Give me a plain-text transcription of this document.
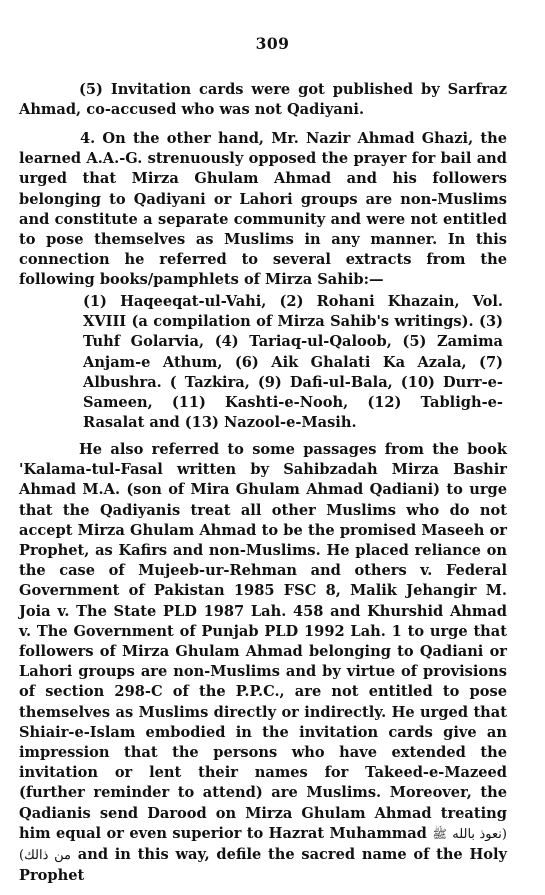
309

(5) Invitation cards were got published by Sarfraz Ahmad, co-accused who was not Qadiyani.

4. On the other hand, Mr. Nazir Ahmad Ghazi, the learned A.A.-G. strenuously opposed the prayer for bail and urged that Mirza Ghulam Ahmad and his followers belonging to Qadiyani or Lahori groups are non-Muslims and constitute a separate community and were not entitled to pose themselves as Muslims in any manner. In this connection he referred to several extracts from the following books/pamphlets of Mirza Sahib:—

(1) Haqeeqat-ul-Vahi, (2) Rohani Khazain, Vol. XVIII (a compilation of Mirza Sahib's writings). (3) Tuhf Golarvia, (4) Tariaq-ul-Qaloob, (5) Zamima Anjam-e Athum, (6) Aik Ghalati Ka Azala, (7) Albushra. ( Tazkira, (9) Dafi-ul-Bala, (10) Durr-e-Sameen, (11) Kashti-e-Nooh, (12) Tabligh-e-Rasalat and (13) Nazool-e-Masih.

He also referred to some passages from the book 'Kalama-tul-Fasal written by Sahibzadah Mirza Bashir Ahmad M.A. (son of Mira Ghulam Ahmad Qadiani) to urge that the Qadiyanis treat all other Muslims who do not accept Mirza Ghulam Ahmad to be the promised Maseeh or Prophet, as Kafirs and non-Muslims. He placed reliance on the case of Mujeeb-ur-Rehman and others v. Federal Government of Pakistan 1985 FSC 8, Malik Jehangir M. Joia v. The State PLD 1987 Lah. 458 and Khurshid Ahmad v. The Government of Punjab PLD 1992 Lah. 1 to urge that followers of Mirza Ghulam Ahmad belonging to Qadiani or Lahori groups are non-Muslims and by virtue of provisions of section 298-C of the P.P.C., are not entitled to pose themselves as Muslims directly or indirectly. He urged that Shiair-e-Islam embodied in the invitation cards give an impression that the persons who have extended the invitation or lent their names for Takeed-e-Mazeed (further reminder to attend) are Muslims. Moreover, the Qadianis send Darood on Mirza Ghulam Ahmad treating him equal or even superior to Hazrat Muhammad ﷺ (نعوذ بالله من ذالك) and in this way, defile the sacred name of the Holy Prophet
